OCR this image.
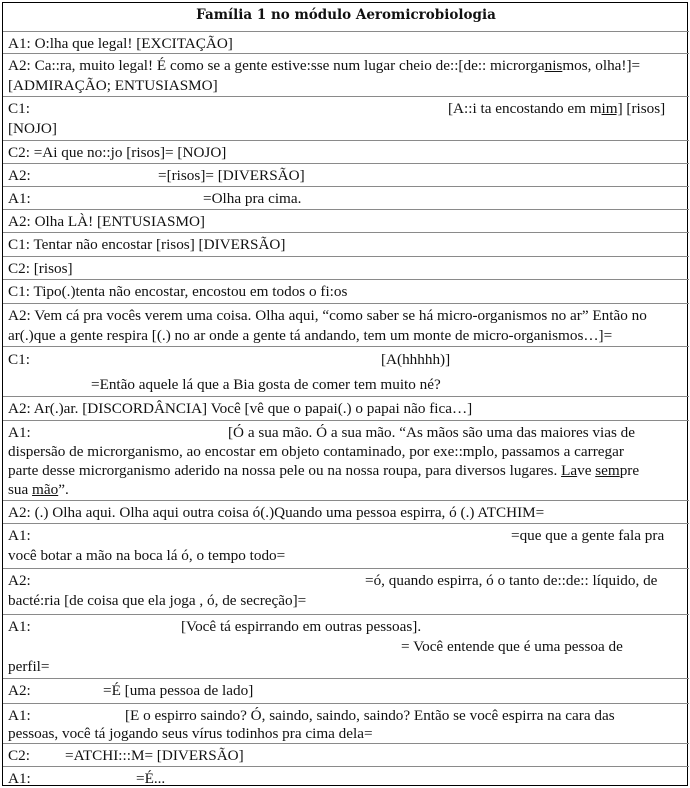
Família 1 no módulo Aeromicrobiologia
A1: O:lha que legal! [EXCITAÇÃO]
A2: Ca::ra, muito legal! É como se a gente estive:sse num lugar cheio de::[de:: microrganismos, olha!]=
[ADMIRAÇÃO; ENTUSIASMO]
C1:	[A::i ta encostando em mim] [risos]
[NOJO]
C2: =Ai que no::jo [risos]= [NOJO]
A2:	=[risos]= [DIVERSÃO]
A1:	=Olha pra cima.
A2: Olha LÀ! [ENTUSIASMO]
C1: Tentar não encostar [risos] [DIVERSÃO]
C2: [risos]
C1: Tipo(.)tenta não encostar, encostou em todos o fi:os
A2: Vem cá pra vocês verem uma coisa. Olha aqui, “como saber se há micro-organismos no ar” Então no
ar(.)que a gente respira [(.) no ar onde a gente tá andando, tem um monte de micro-organismos…]=
C1:	[A(hhhhh)]
=Então aquele lá que a Bia gosta de comer tem muito né?
A2: Ar(.)ar. [DISCORDÂNCIA] Você [vê que o papai(.) o papai não fica…]
A1:	[Ó a sua mão. Ó a sua mão. “As mãos são uma das maiores vias de
dispersão de microrganismo, ao encostar em objeto contaminado, por exe::mplo, passamos a carregar
parte desse microrganismo aderido na nossa pele ou na nossa roupa, para diversos lugares. Lave sempre
sua mão”.
A2: (.) Olha aqui. Olha aqui outra coisa ó(.)Quando uma pessoa espirra, ó (.) ATCHIM=
A1:	=que que a gente fala pra
você botar a mão na boca lá ó, o tempo todo=
A2:	=ó, quando espirra, ó o tanto de::de:: líquido, de
bacté:ria [de coisa que ela joga , ó, de secreção]=
A1:	[Você tá espirrando em outras pessoas].
= Você entende que é uma pessoa de
perfil=
A2:	=É [uma pessoa de lado]
A1:	[E o espirro saindo? Ó, saindo, saindo, saindo? Então se você espirra na cara das
pessoas, você tá jogando seus vírus todinhos pra cima dela=
C2: =ATCHI:::M= [DIVERSÃO]
A1:	=É...
